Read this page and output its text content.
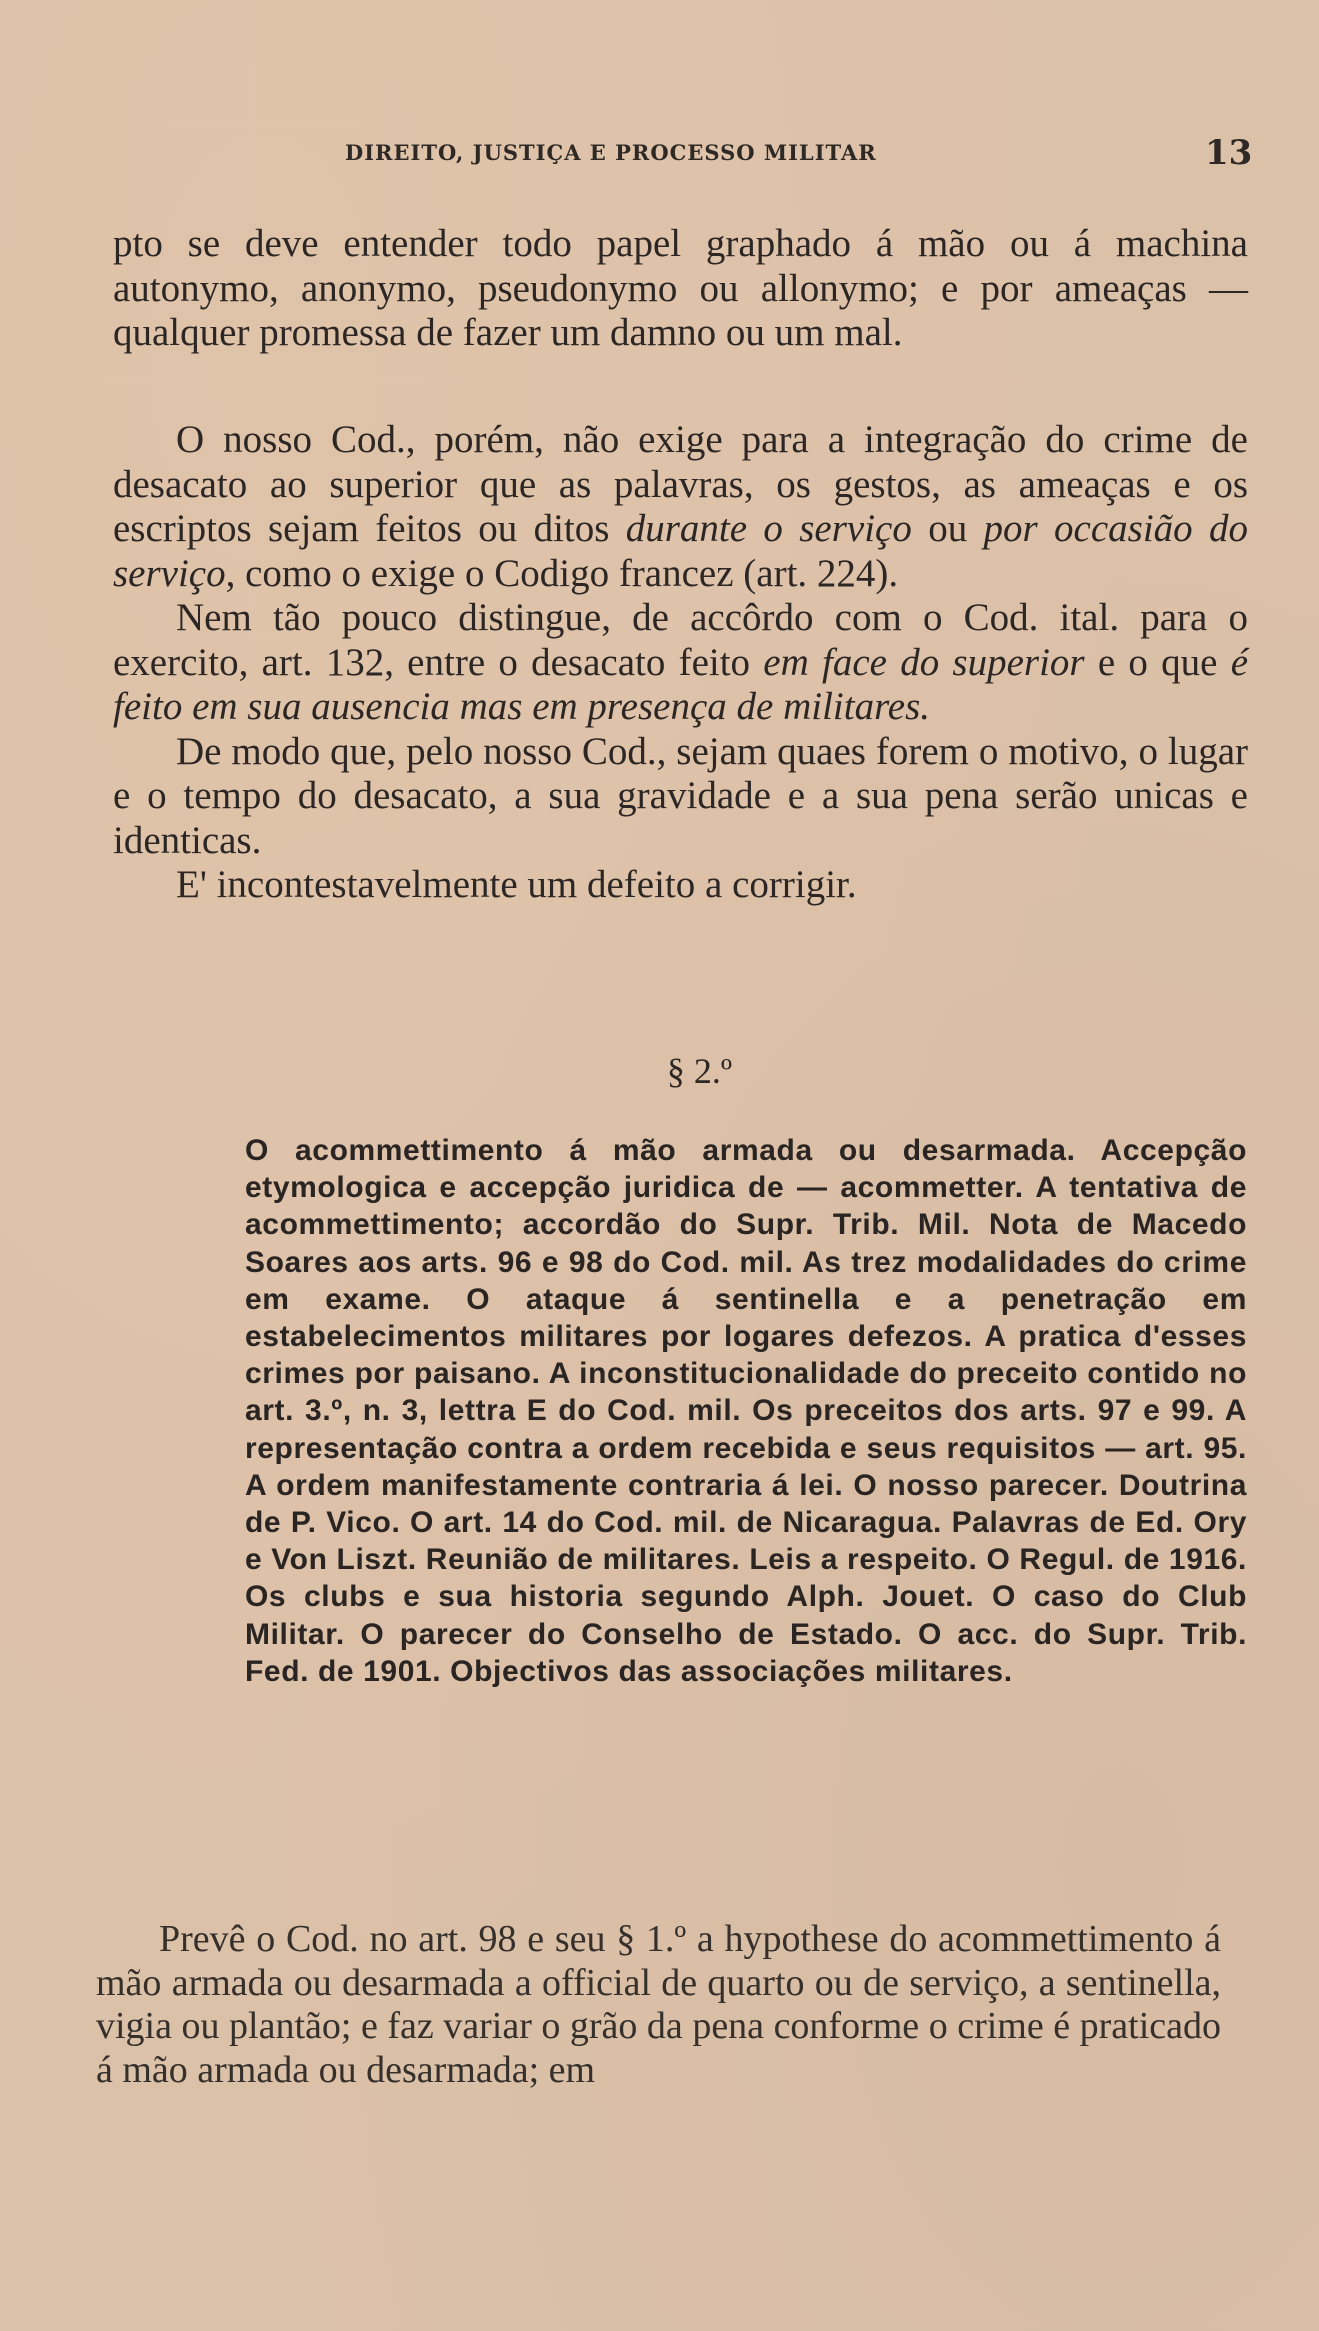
DIREITO, JUSTIÇA E PROCESSO MILITAR	13

pto se deve entender todo papel graphado á mão ou á machina autonymo, anonymo, pseudonymo ou allonymo; e por ameaças — qualquer promessa de fazer um damno ou um mal.

O nosso Cod., porém, não exige para a integração do crime de desacato ao superior que as palavras, os gestos, as ameaças e os escriptos sejam feitos ou ditos durante o serviço ou por occasião do serviço, como o exige o Codigo francez (art. 224).

Nem tão pouco distingue, de accôrdo com o Cod. ital. para o exercito, art. 132, entre o desacato feito em face do superior e o que é feito em sua ausencia mas em presença de militares.

De modo que, pelo nosso Cod., sejam quaes forem o motivo, o lugar e o tempo do desacato, a sua gravidade e a sua pena serão unicas e identicas.

E' incontestavelmente um defeito a corrigir.

§ 2.º

O acommettimento á mão armada ou desarmada. Accepção etymologica e accepção juridica de — acommetter. A tentativa de acommettimento; accordão do Supr. Trib. Mil. Nota de Macedo Soares aos arts. 96 e 98 do Cod. mil. As trez modalidades do crime em exame. O ataque á sentinella e a penetração em estabelecimentos militares por logares defezos. A pratica d'esses crimes por paisano. A inconstitucionalidade do preceito contido no art. 3.º, n. 3, lettra E do Cod. mil. Os preceitos dos arts. 97 e 99. A representação contra a ordem recebida e seus requisitos — art. 95. A ordem manifestamente contraria á lei. O nosso parecer. Doutrina de P. Vico. O art. 14 do Cod. mil. de Nicaragua. Palavras de Ed. Ory e Von Liszt. Reunião de militares. Leis a respeito. O Regul. de 1916. Os clubs e sua historia segundo Alph. Jouet. O caso do Club Militar. O parecer do Conselho de Estado. O acc. do Supr. Trib. Fed. de 1901. Objectivos das associações militares.

Prevê o Cod. no art. 98 e seu § 1.º a hypothese do acommettimento á mão armada ou desarmada a official de quarto ou de serviço, a sentinella, vigia ou plantão; e faz variar o grão da pena conforme o crime é praticado á mão armada ou desarmada; em
